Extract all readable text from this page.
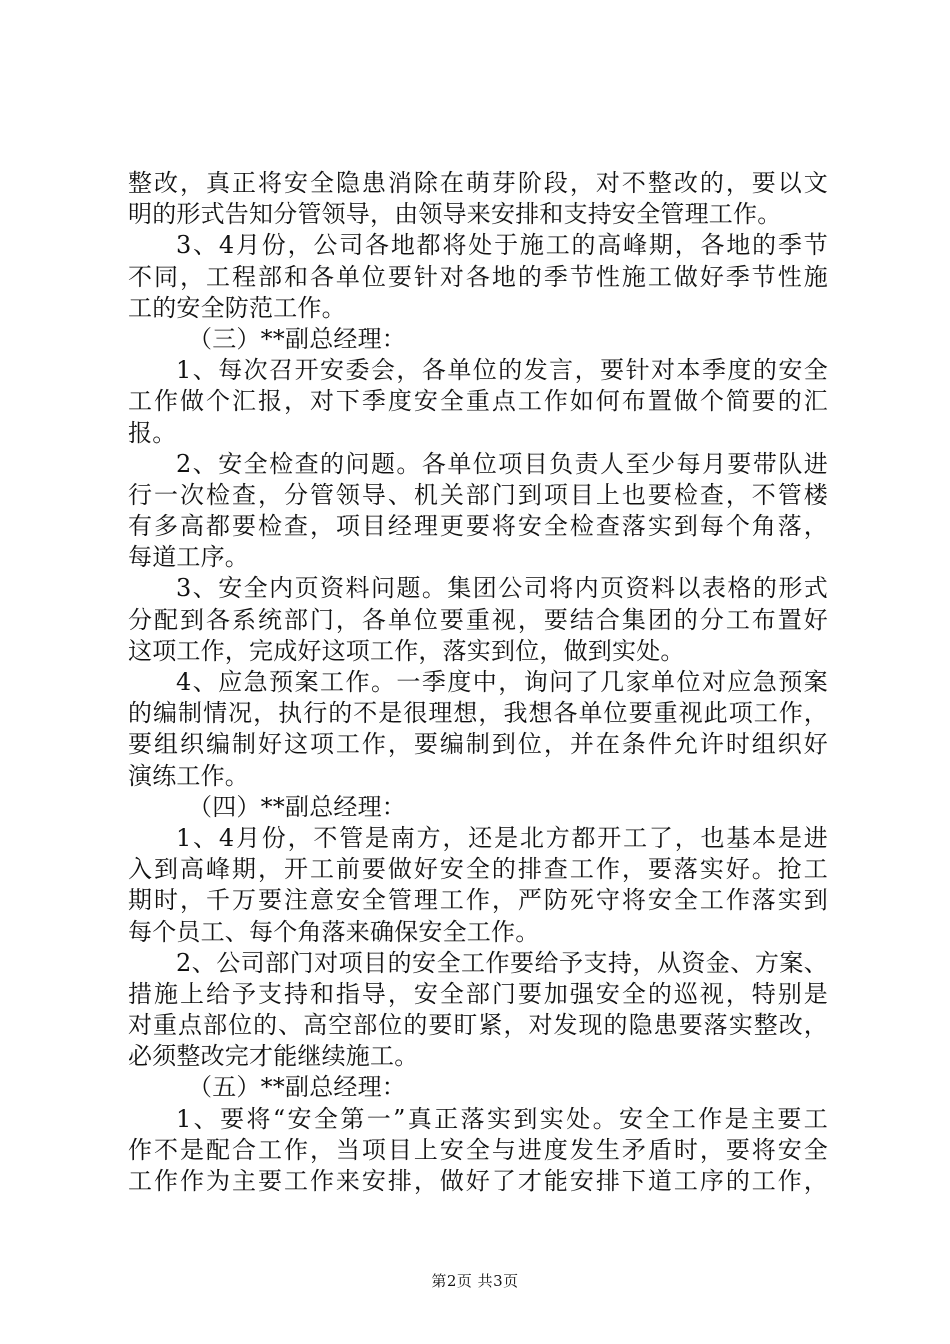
整改，真正将安全隐患消除在萌芽阶段，对不整改的，要以文
明的形式告知分管领导，由领导来安排和支持安全管理工作。
3、4月份，公司各地都将处于施工的高峰期，各地的季节
不同，工程部和各单位要针对各地的季节性施工做好季节性施
工的安全防范工作。
（三）**副总经理：
1、每次召开安委会，各单位的发言，要针对本季度的安全
工作做个汇报，对下季度安全重点工作如何布置做个简要的汇
报。
2、安全检查的问题。各单位项目负责人至少每月要带队进
行一次检查，分管领导、机关部门到项目上也要检查，不管楼
有多高都要检查，项目经理更要将安全检查落实到每个角落，
每道工序。
3、安全内页资料问题。集团公司将内页资料以表格的形式
分配到各系统部门，各单位要重视，要结合集团的分工布置好
这项工作，完成好这项工作，落实到位，做到实处。
4、应急预案工作。一季度中，询问了几家单位对应急预案
的编制情况，执行的不是很理想，我想各单位要重视此项工作，
要组织编制好这项工作，要编制到位，并在条件允许时组织好
演练工作。
（四）**副总经理：
1、4月份，不管是南方，还是北方都开工了，也基本是进
入到高峰期，开工前要做好安全的排查工作，要落实好。抢工
期时，千万要注意安全管理工作，严防死守将安全工作落实到
每个员工、每个角落来确保安全工作。
2、公司部门对项目的安全工作要给予支持，从资金、方案、
措施上给予支持和指导，安全部门要加强安全的巡视，特别是
对重点部位的、高空部位的要盯紧，对发现的隐患要落实整改，
必须整改完才能继续施工。
（五）**副总经理：
1、要将“安全第一”真正落实到实处。安全工作是主要工
作不是配合工作，当项目上安全与进度发生矛盾时，要将安全
工作作为主要工作来安排，做好了才能安排下道工序的工作，
第2页 共3页
